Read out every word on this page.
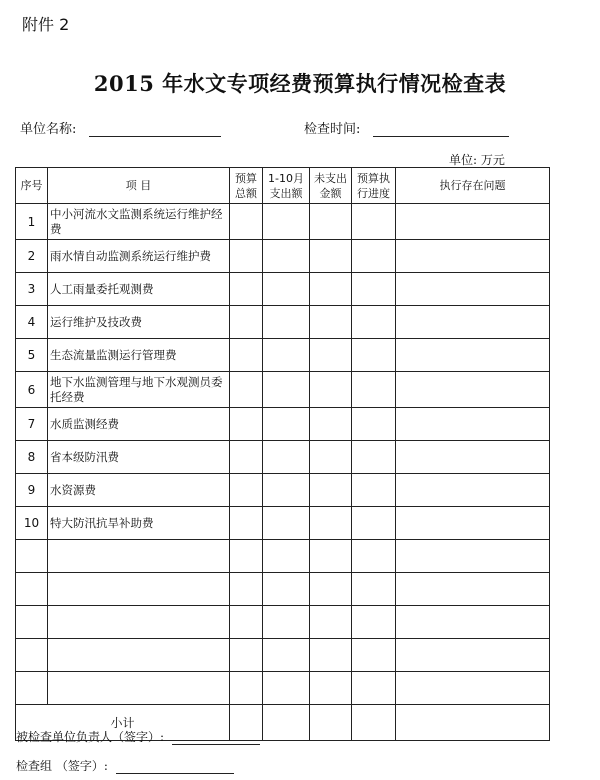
附件 2
2015 年水文专项经费预算执行情况检查表
单位名称:	检查时间:
单位: 万元
序号	项 目	预算总额	1-10月支出额	未支出金额	预算执行进度	执行存在问题
1	中小河流水文监测系统运行维护经费					
2	雨水情自动监测系统运行维护费					
3	人工雨量委托观测费					
4	运行维护及技改费					
5	生态流量监测运行管理费					
6	地下水监测管理与地下水观测员委托经费					
7	水质监测经费					
8	省本级防汛费					
9	水资源费					
10	特大防汛抗旱补助费					

小计						
被检查单位负责人（签字）:
检查组 （签字）:
